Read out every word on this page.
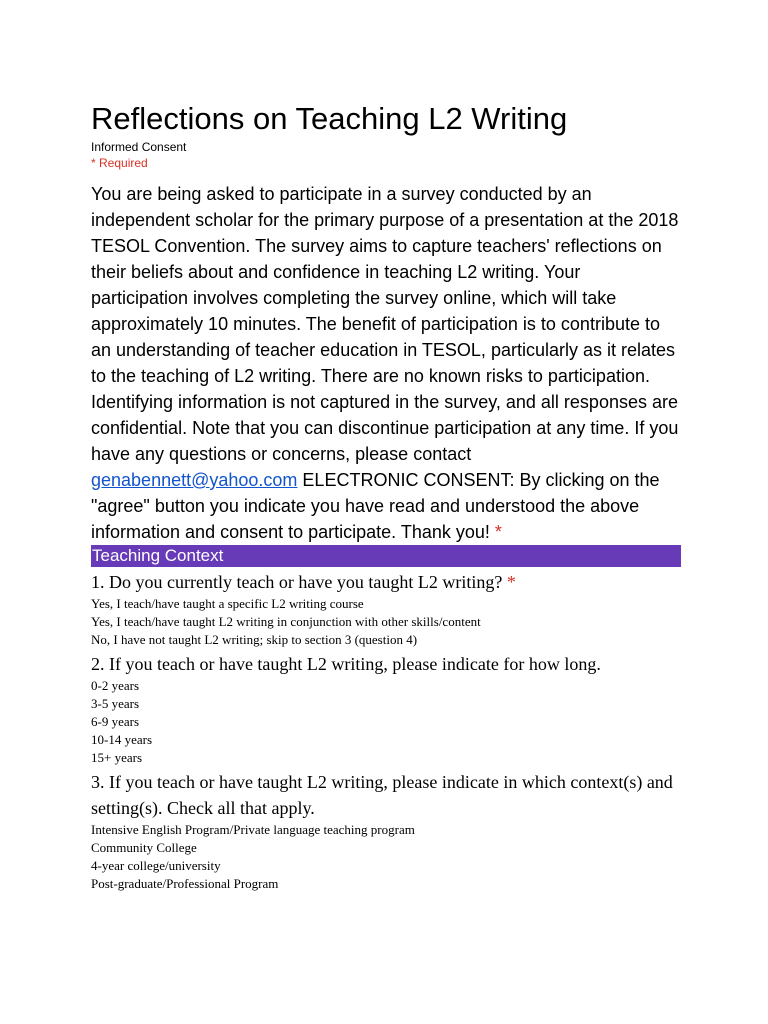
Reflections on Teaching L2 Writing
Informed Consent
* Required
You are being asked to participate in a survey conducted by an independent scholar for the primary purpose of a presentation at the 2018 TESOL Convention. The survey aims to capture teachers' reflections on their beliefs about and confidence in teaching L2 writing. Your participation involves completing the survey online, which will take approximately 10 minutes. The benefit of participation is to contribute to an understanding of teacher education in TESOL, particularly as it relates to the teaching of L2 writing. There are no known risks to participation. Identifying information is not captured in the survey, and all responses are confidential. Note that you can discontinue participation at any time. If you have any questions or concerns, please contact genabennett@yahoo.com ELECTRONIC CONSENT: By clicking on the "agree" button you indicate you have read and understood the above information and consent to participate. Thank you! *
Teaching Context
1. Do you currently teach or have you taught L2 writing? *
Yes, I teach/have taught a specific L2 writing course
Yes, I teach/have taught L2 writing in conjunction with other skills/content
No, I have not taught L2 writing; skip to section 3 (question 4)
2. If you teach or have taught L2 writing, please indicate for how long.
0-2 years
3-5 years
6-9 years
10-14 years
15+ years
3. If you teach or have taught L2 writing, please indicate in which context(s) and setting(s). Check all that apply.
Intensive English Program/Private language teaching program
Community College
4-year college/university
Post-graduate/Professional Program
